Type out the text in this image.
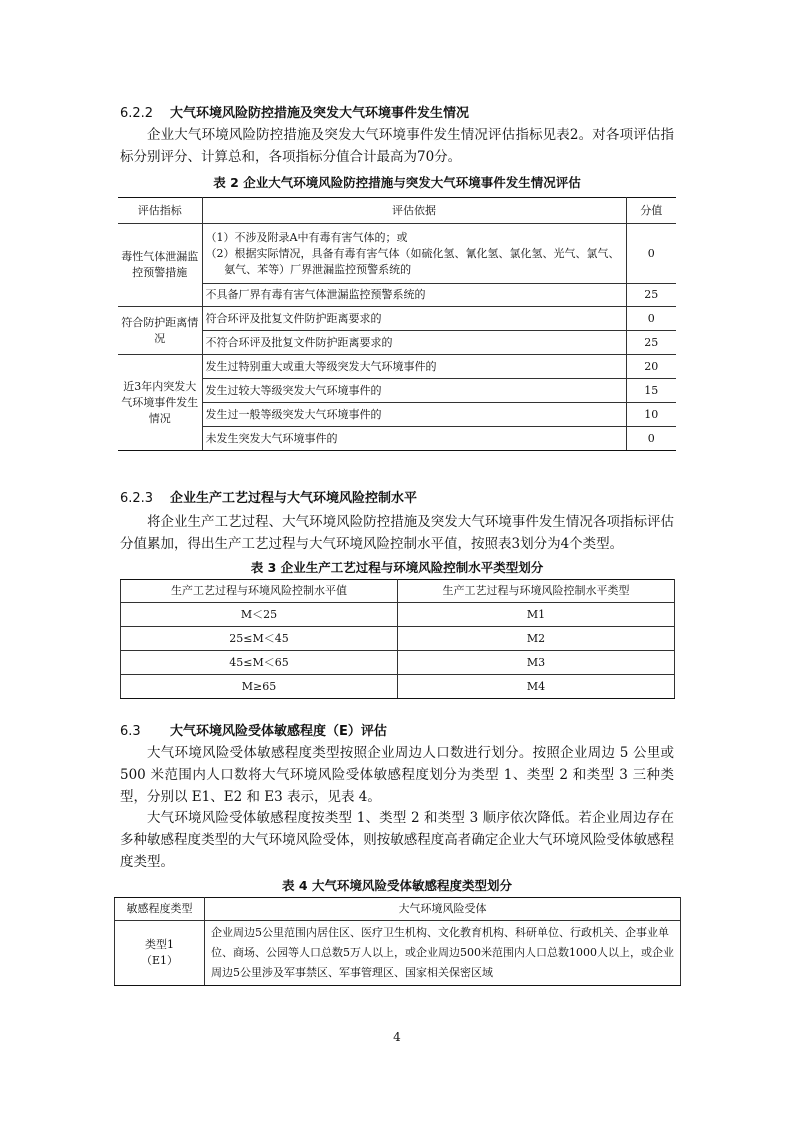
6.2.2 大气环境风险防控措施及突发大气环境事件发生情况

企业大气环境风险防控措施及突发大气环境事件发生情况评估指标见表2。对各项评估指标分别评分、计算总和，各项指标分值合计最高为70分。

表 2 企业大气环境风险防控措施与突发大气环境事件发生情况评估
评估指标	评估依据	分值
毒性气体泄漏监控预警措施	（1）不涉及附录A中有毒有害气体的；或
（2）根据实际情况，具备有毒有害气体（如硫化氢、氰化氢、氯化氢、光气、氯气、氨气、苯等）厂界泄漏监控预警系统的	0
	不具备厂界有毒有害气体泄漏监控预警系统的	25
符合防护距离情况	符合环评及批复文件防护距离要求的	0
	不符合环评及批复文件防护距离要求的	25
近3年内突发大气环境事件发生情况	发生过特别重大或重大等级突发大气环境事件的	20
	发生过较大等级突发大气环境事件的	15
	发生过一般等级突发大气环境事件的	10
	未发生突发大气环境事件的	0
6.2.3 企业生产工艺过程与大气环境风险控制水平

将企业生产工艺过程、大气环境风险防控措施及突发大气环境事件发生情况各项指标评估分值累加，得出生产工艺过程与大气环境风险控制水平值，按照表3划分为4个类型。

表 3 企业生产工艺过程与环境风险控制水平类型划分
生产工艺过程与环境风险控制水平值	生产工艺过程与环境风险控制水平类型
M＜25	M1
25≤M＜45	M2
45≤M＜65	M3
M≥65	M4
6.3 大气环境风险受体敏感程度（E）评估

大气环境风险受体敏感程度类型按照企业周边人口数进行划分。按照企业周边 5 公里或 500 米范围内人口数将大气环境风险受体敏感程度划分为类型 1、类型 2 和类型 3 三种类型，分别以 E1、E2 和 E3 表示，见表 4。

大气环境风险受体敏感程度按类型 1、类型 2 和类型 3 顺序依次降低。若企业周边存在多种敏感程度类型的大气环境风险受体，则按敏感程度高者确定企业大气环境风险受体敏感程度类型。

表 4 大气环境风险受体敏感程度类型划分
敏感程度类型	大气环境风险受体

类型1
（E1）	企业周边5公里范围内居住区、医疗卫生机构、文化教育机构、科研单位、行政机关、企事业单位、商场、公园等人口总数5万人以上，或企业周边500米范围内人口总数1000人以上，或企业周边5公里涉及军事禁区、军事管理区、国家相关保密区域
4
